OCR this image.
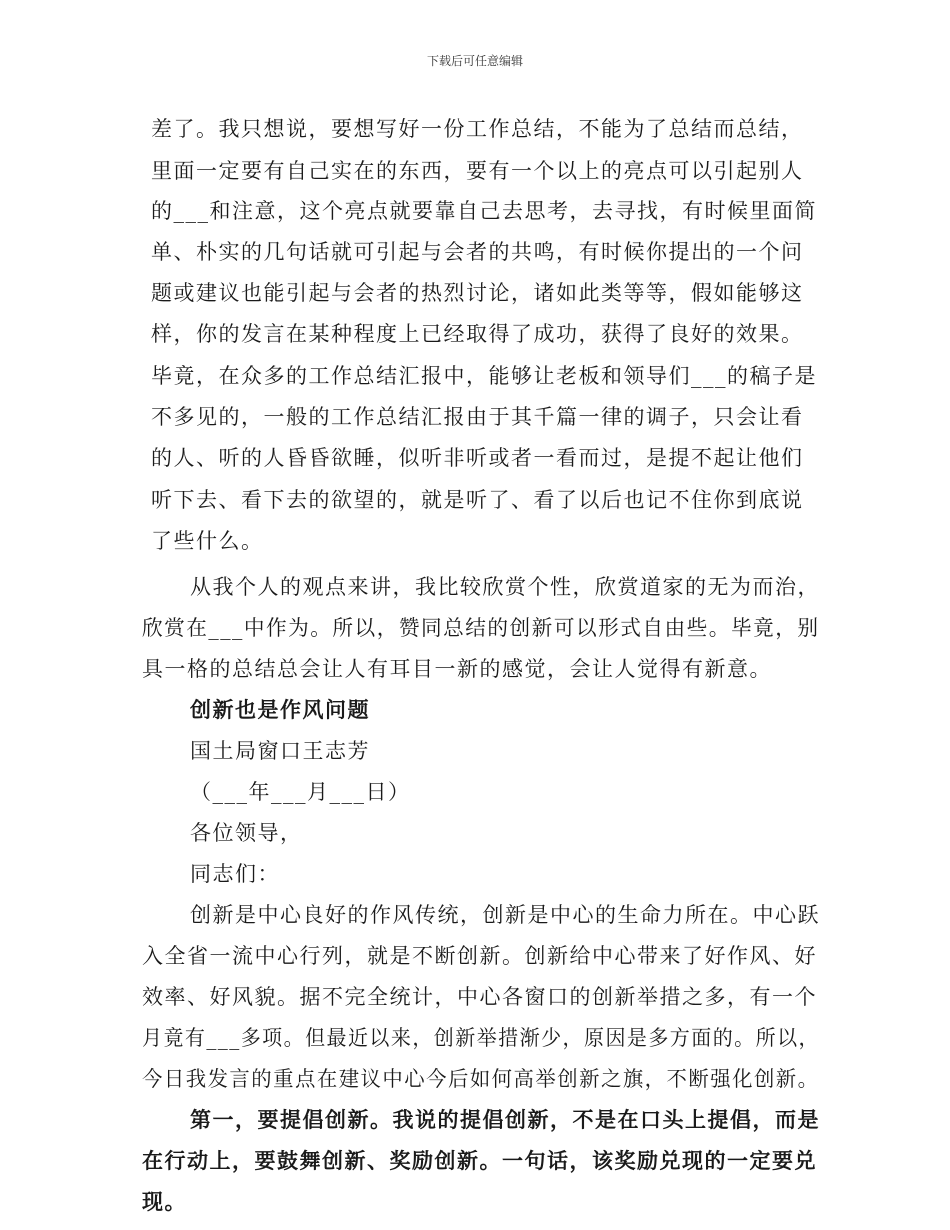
下载后可任意编辑
差了。我只想说，要想写好一份工作总结，不能为了总结而总结，
里面一定要有自己实在的东西，要有一个以上的亮点可以引起别人
的___和注意，这个亮点就要靠自己去思考，去寻找，有时候里面简
单、朴实的几句话就可引起与会者的共鸣，有时候你提出的一个问
题或建议也能引起与会者的热烈讨论，诸如此类等等，假如能够这
样，你的发言在某种程度上已经取得了成功，获得了良好的效果。
毕竟，在众多的工作总结汇报中，能够让老板和领导们___的稿子是
不多见的，一般的工作总结汇报由于其千篇一律的调子，只会让看
的人、听的人昏昏欲睡，似听非听或者一看而过，是提不起让他们
听下去、看下去的欲望的，就是听了、看了以后也记不住你到底说
了些什么。
从我个人的观点来讲，我比较欣赏个性，欣赏道家的无为而治，
欣赏在___中作为。所以，赞同总结的创新可以形式自由些。毕竟，别
具一格的总结总会让人有耳目一新的感觉，会让人觉得有新意。
创新也是作风问题
国土局窗口王志芳
（___年___月___日）
各位领导，
同志们：
创新是中心良好的作风传统，创新是中心的生命力所在。中心跃
入全省一流中心行列，就是不断创新。创新给中心带来了好作风、好
效率、好风貌。据不完全统计，中心各窗口的创新举措之多，有一个
月竟有___多项。但最近以来，创新举措渐少，原因是多方面的。所以，
今日我发言的重点在建议中心今后如何高举创新之旗，不断强化创新。
第一，要提倡创新。我说的提倡创新，不是在口头上提倡，而是
在行动上，要鼓舞创新、奖励创新。一句话，该奖励兑现的一定要兑
现。
